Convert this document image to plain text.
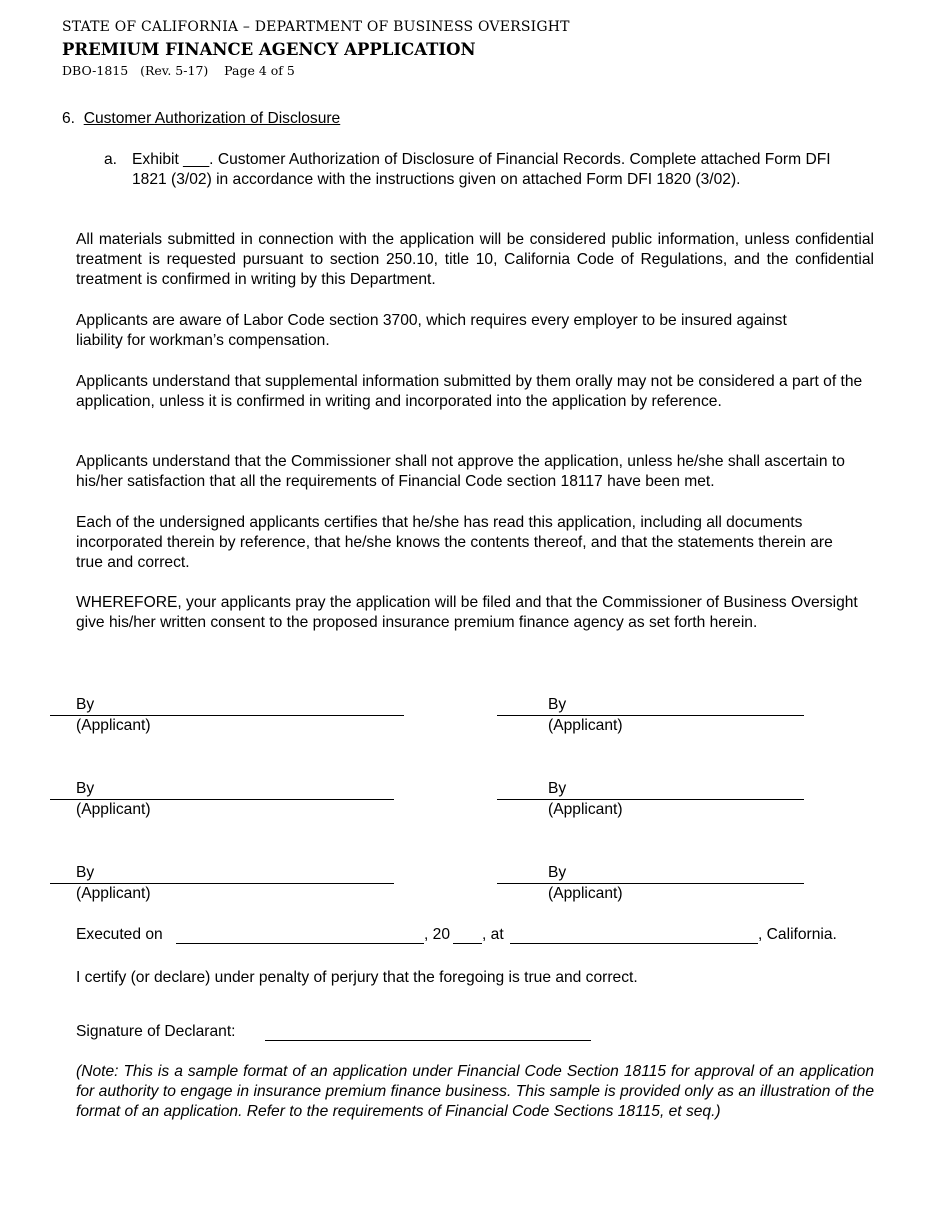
STATE OF CALIFORNIA – DEPARTMENT OF BUSINESS OVERSIGHT
PREMIUM FINANCE AGENCY APPLICATION
DBO-1815   (Rev. 5-17)    Page 4 of 5
6. Customer Authorization of Disclosure
a. Exhibit ___. Customer Authorization of Disclosure of Financial Records. Complete attached Form DFI 1821 (3/02) in accordance with the instructions given on attached Form DFI 1820 (3/02).
All materials submitted in connection with the application will be considered public information, unless confidential treatment is requested pursuant to section 250.10, title 10, California Code of Regulations, and the confidential treatment is confirmed in writing by this Department.
Applicants are aware of Labor Code section 3700, which requires every employer to be insured against liability for workman’s compensation.
Applicants understand that supplemental information submitted by them orally may not be considered a part of the application, unless it is confirmed in writing and incorporated into the application by reference.
Applicants understand that the Commissioner shall not approve the application, unless he/she shall ascertain to his/her satisfaction that all the requirements of Financial Code section 18117 have been met.
Each of the undersigned applicants certifies that he/she has read this application, including all documents incorporated therein by reference, that he/she knows the contents thereof, and that the statements therein are true and correct.
WHEREFORE, your applicants pray the application will be filed and that the Commissioner of Business Oversight give his/her written consent to the proposed insurance premium finance agency as set forth herein.
By
(Applicant)
By
(Applicant)
By
(Applicant)
By
(Applicant)
By
(Applicant)
By
(Applicant)
Executed on	, 20 , at	, California.
I certify (or declare) under penalty of perjury that the foregoing is true and correct.
Signature of Declarant:
(Note: This is a sample format of an application under Financial Code Section 18115 for approval of an application for authority to engage in insurance premium finance business. This sample is provided only as an illustration of the format of an application. Refer to the requirements of Financial Code Sections 18115, et seq.)
